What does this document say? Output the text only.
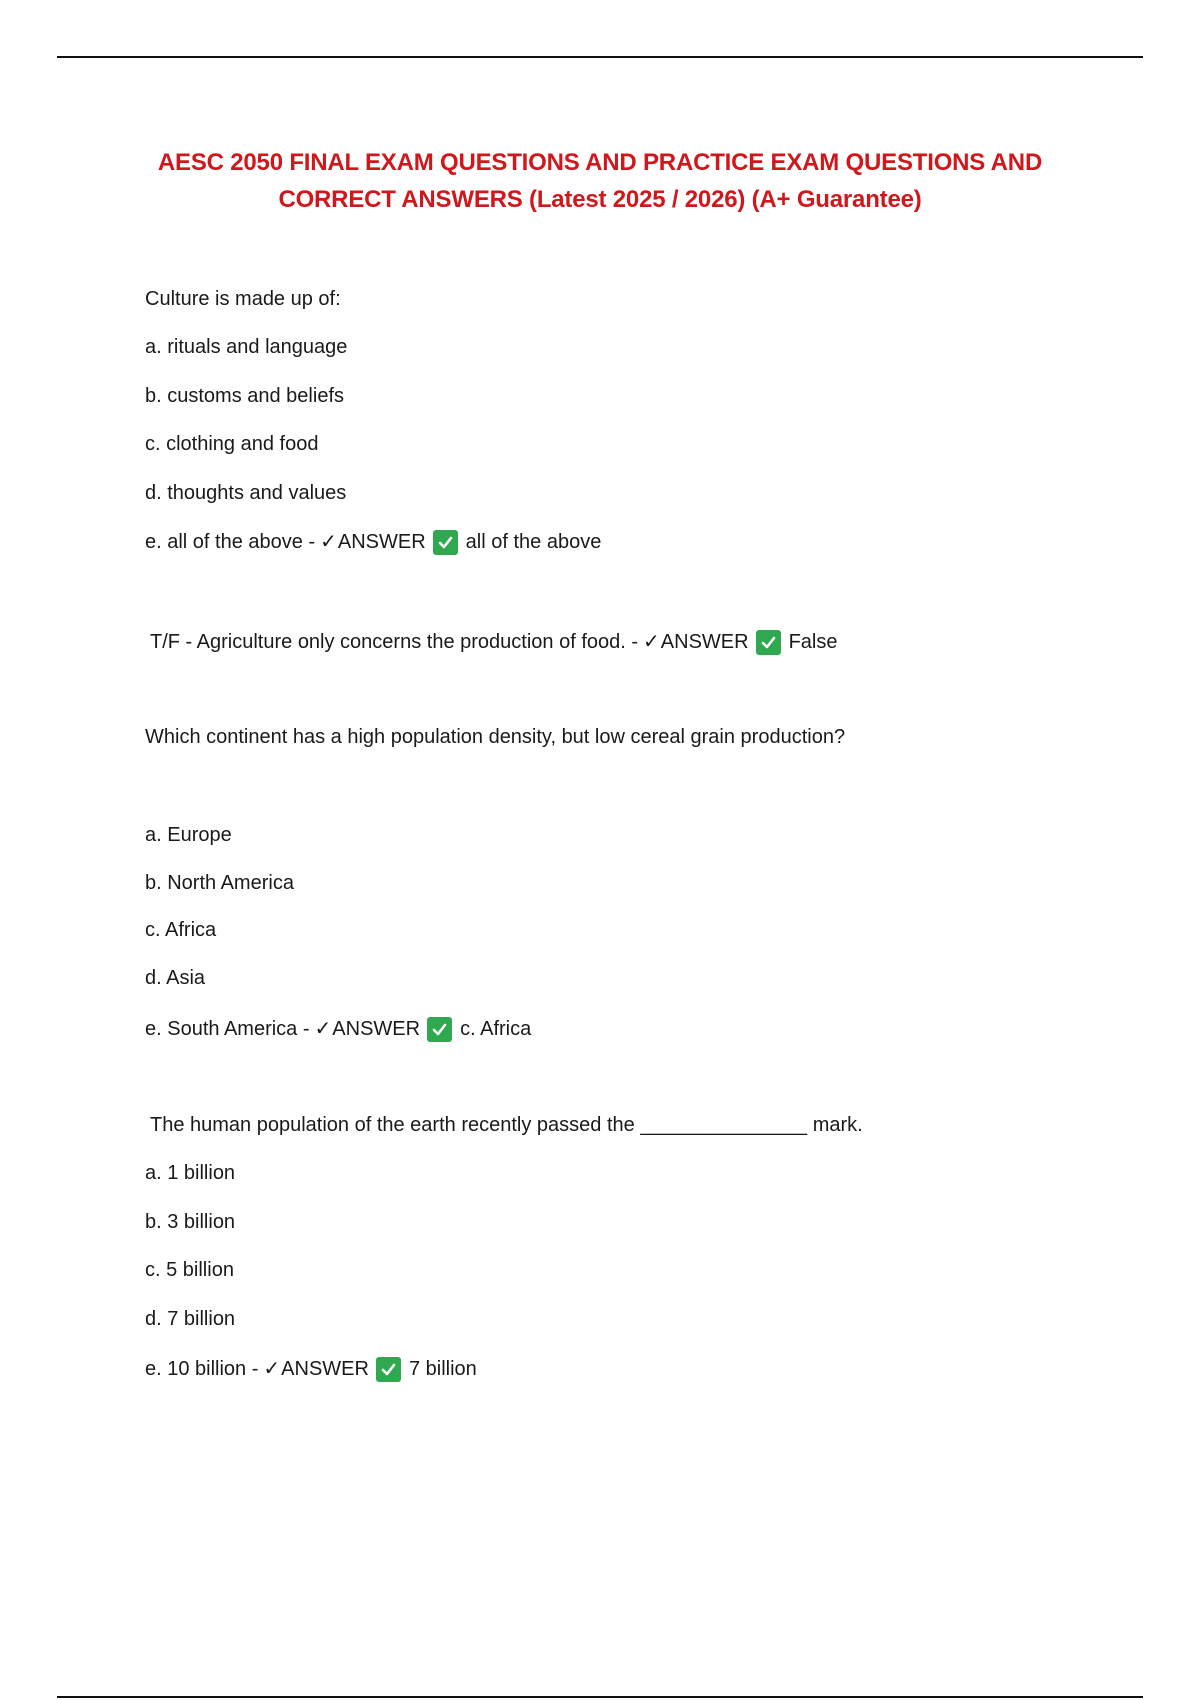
AESC 2050 FINAL EXAM QUESTIONS AND PRACTICE EXAM QUESTIONS AND
CORRECT ANSWERS (Latest 2025 / 2026) (A+ Guarantee)

Culture is made up of:

a. rituals and language

b. customs and beliefs

c. clothing and food

d. thoughts and values

e. all of the above - ✓ ANSWER all of the above

T/F - Agriculture only concerns the production of food. - ✓ ANSWER False

Which continent has a high population density, but low cereal grain production?

a. Europe

b. North America

c. Africa

d. Asia

e. South America - ✓ ANSWER c. Africa

The human population of the earth recently passed the _______________ mark.

a. 1 billion

b. 3 billion

c. 5 billion

d. 7 billion

e. 10 billion - ✓ ANSWER 7 billion
